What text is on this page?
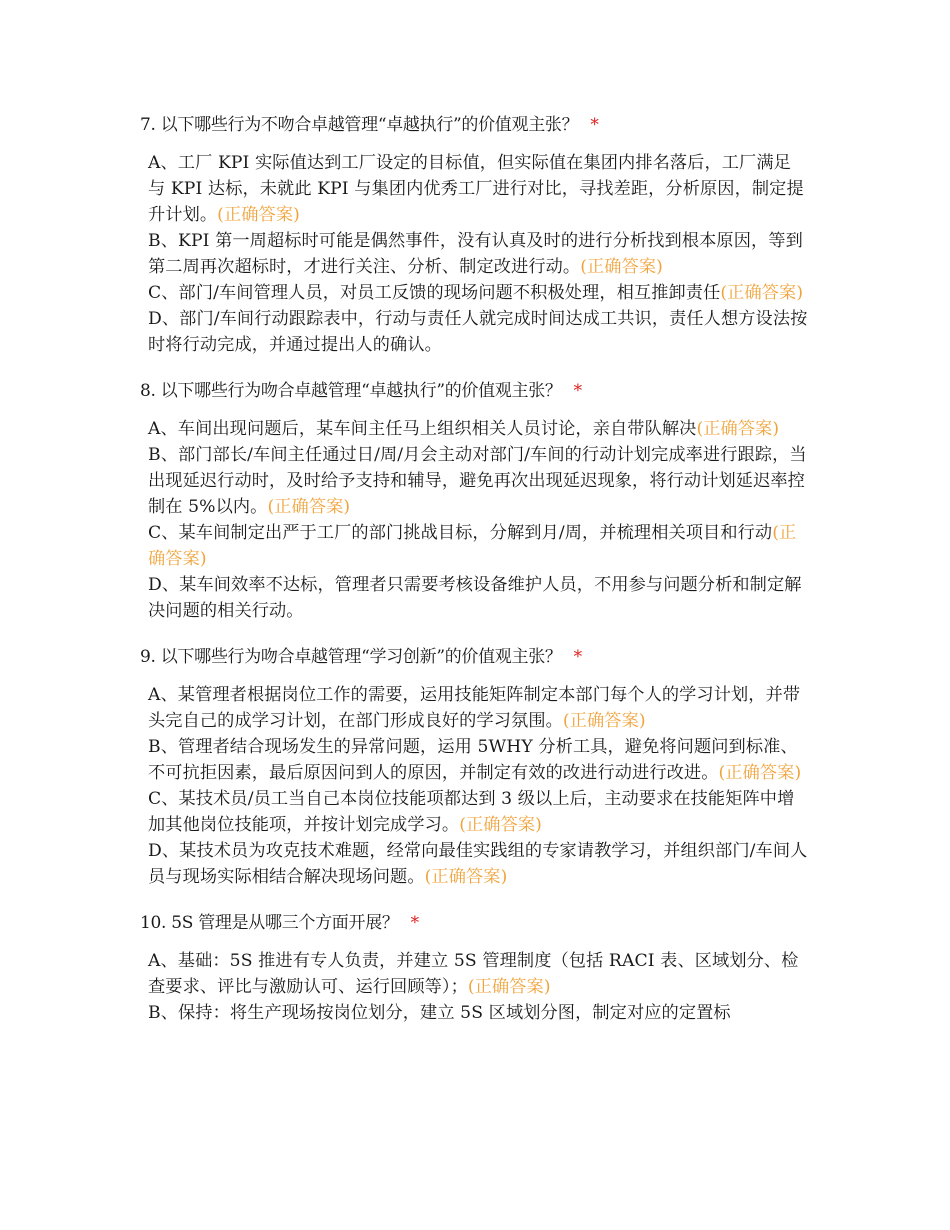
7. 以下哪些行为不吻合卓越管理“卓越执行”的价值观主张？ *
A、工厂 KPI 实际值达到工厂设定的目标值，但实际值在集团内排名落后，工厂满足与 KPI 达标，未就此 KPI 与集团内优秀工厂进行对比，寻找差距，分析原因，制定提升计划。(正确答案)
B、KPI 第一周超标时可能是偶然事件，没有认真及时的进行分析找到根本原因，等到第二周再次超标时，才进行关注、分析、制定改进行动。(正确答案)
C、部门/车间管理人员，对员工反馈的现场问题不积极处理，相互推卸责任(正确答案)
D、部门/车间行动跟踪表中，行动与责任人就完成时间达成工共识，责任人想方设法按时将行动完成，并通过提出人的确认。
8. 以下哪些行为吻合卓越管理“卓越执行”的价值观主张？ *
A、车间出现问题后，某车间主任马上组织相关人员讨论，亲自带队解决(正确答案)
B、部门部长/车间主任通过日/周/月会主动对部门/车间的行动计划完成率进行跟踪，当出现延迟行动时，及时给予支持和辅导，避免再次出现延迟现象，将行动计划延迟率控制在 5%以内。(正确答案)
C、某车间制定出严于工厂的部门挑战目标，分解到月/周，并梳理相关项目和行动(正确答案)
D、某车间效率不达标，管理者只需要考核设备维护人员，不用参与问题分析和制定解决问题的相关行动。
9. 以下哪些行为吻合卓越管理“学习创新”的价值观主张？ *
A、某管理者根据岗位工作的需要，运用技能矩阵制定本部门每个人的学习计划，并带头完自己的成学习计划，在部门形成良好的学习氛围。(正确答案)
B、管理者结合现场发生的异常问题，运用 5WHY 分析工具，避免将问题问到标准、不可抗拒因素，最后原因问到人的原因，并制定有效的改进行动进行改进。(正确答案)
C、某技术员/员工当自己本岗位技能项都达到 3 级以上后，主动要求在技能矩阵中增加其他岗位技能项，并按计划完成学习。(正确答案)
D、某技术员为攻克技术难题，经常向最佳实践组的专家请教学习，并组织部门/车间人员与现场实际相结合解决现场问题。(正确答案)
10. 5S 管理是从哪三个方面开展？ *
A、基础：5S 推进有专人负责，并建立 5S 管理制度（包括 RACI 表、区域划分、检查要求、评比与激励认可、运行回顾等）；(正确答案)
B、保持：将生产现场按岗位划分，建立 5S 区域划分图，制定对应的定置标
